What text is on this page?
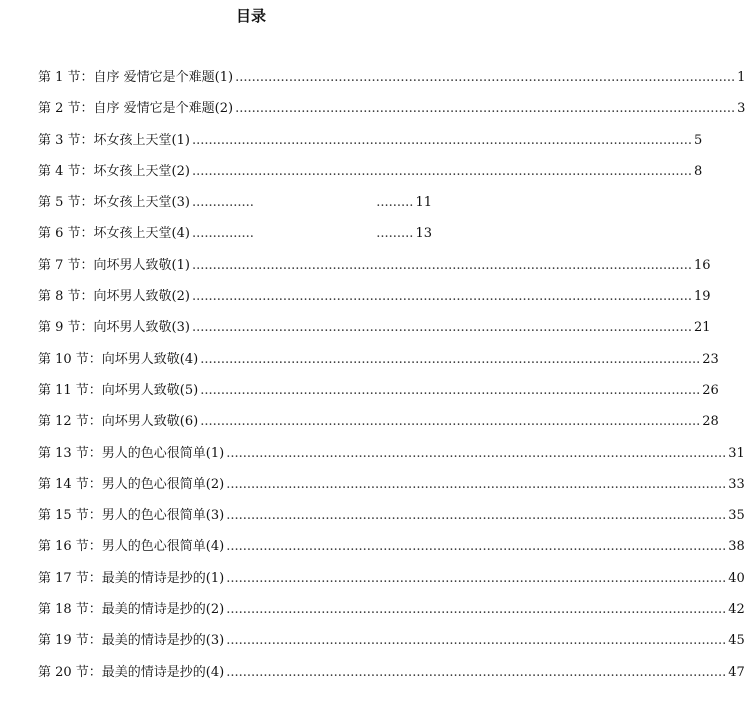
目录
第 1 节：自序 爱情它是个难题(1) ......................................................................................................................... 1
第 2 节：自序 爱情它是个难题(2) ......................................................................................................................... 3
第 3 节：坏女孩上天堂(1) ......................................................................................................................... 5
第 4 节：坏女孩上天堂(2) ......................................................................................................................... 8
第 5 节：坏女孩上天堂(3) ...............	......... 11
第 6 节：坏女孩上天堂(4) ...............	......... 13
第 7 节：向坏男人致敬(1) ......................................................................................................................... 16
第 8 节：向坏男人致敬(2) ......................................................................................................................... 19
第 9 节：向坏男人致敬(3) ......................................................................................................................... 21
第 10 节：向坏男人致敬(4) ......................................................................................................................... 23
第 11 节：向坏男人致敬(5) ......................................................................................................................... 26
第 12 节：向坏男人致敬(6) ......................................................................................................................... 28
第 13 节：男人的色心很简单(1) ......................................................................................................................... 31
第 14 节：男人的色心很简单(2) ......................................................................................................................... 33
第 15 节：男人的色心很简单(3) ......................................................................................................................... 35
第 16 节：男人的色心很简单(4) ......................................................................................................................... 38
第 17 节：最美的情诗是抄的(1) ......................................................................................................................... 40
第 18 节：最美的情诗是抄的(2) ......................................................................................................................... 42
第 19 节：最美的情诗是抄的(3) ......................................................................................................................... 45
第 20 节：最美的情诗是抄的(4) ......................................................................................................................... 47
